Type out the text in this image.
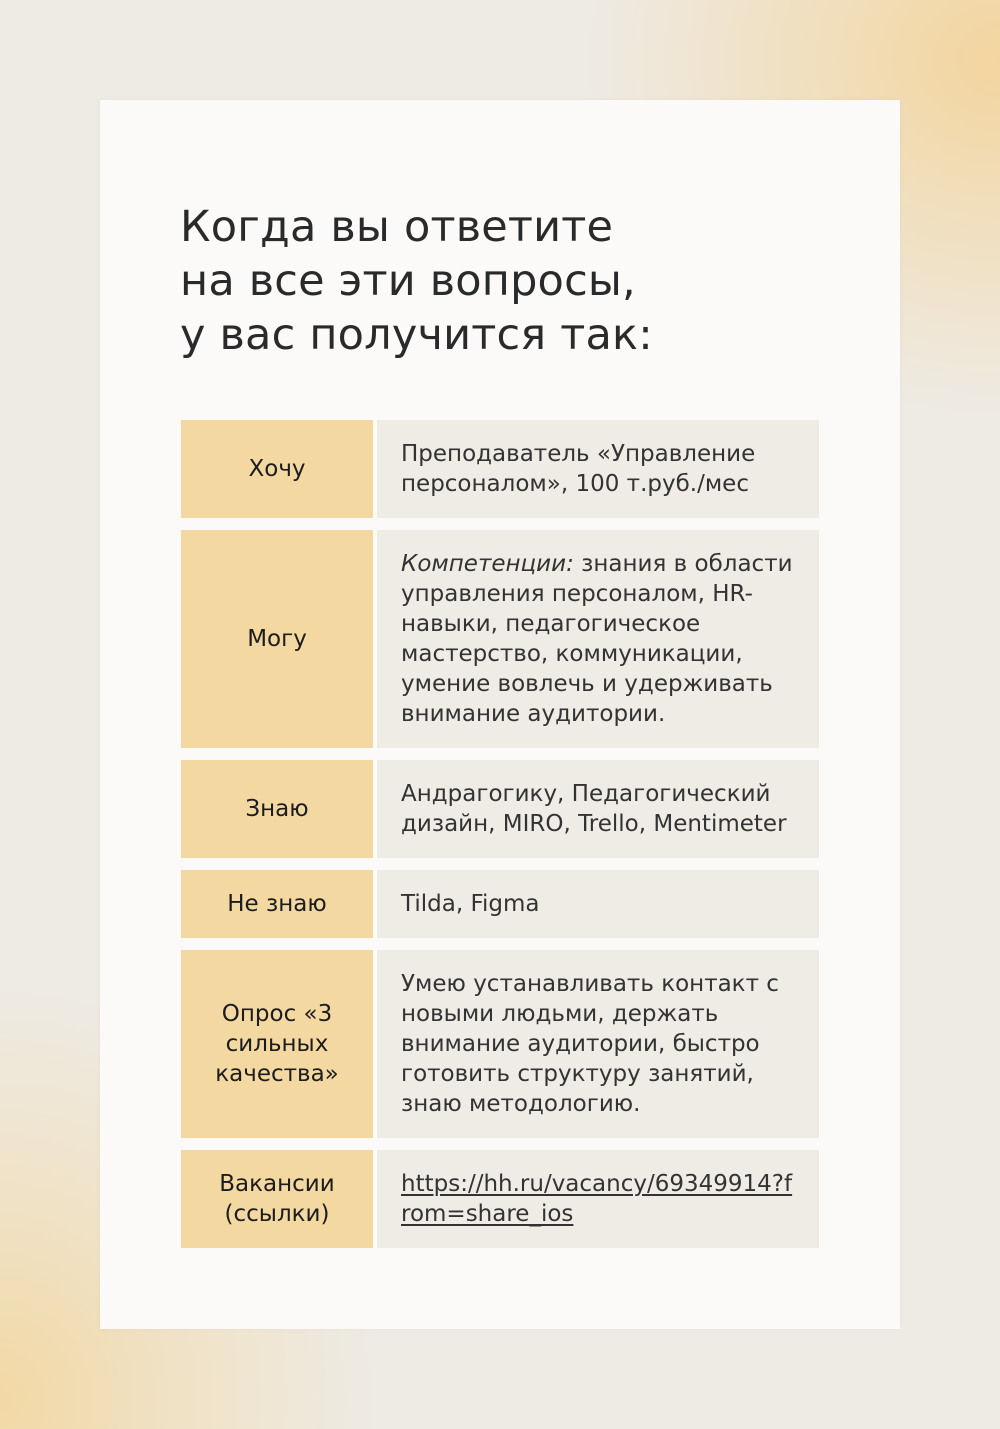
Когда вы ответите
на все эти вопросы,
у вас получится так:
Хочу
Преподаватель «Управление персоналом», 100 т.руб./мес
Могу
Компетенции: знания в области управления персоналом, HR-навыки, педагогическое мастерство, коммуникации, умение вовлечь и удерживать внимание аудитории.
Знаю
Андрагогику, Педагогический дизайн, MIRO, Trello, Mentimeter
Не знаю	Tilda, Figma
Опрос «3 сильных качества»
Умею устанавливать контакт с новыми людьми, держать внимание аудитории, быстро готовить структуру занятий, знаю методологию.
Вакансии (ссылки)
https://hh.ru/vacancy/69349914?from=share_ios
